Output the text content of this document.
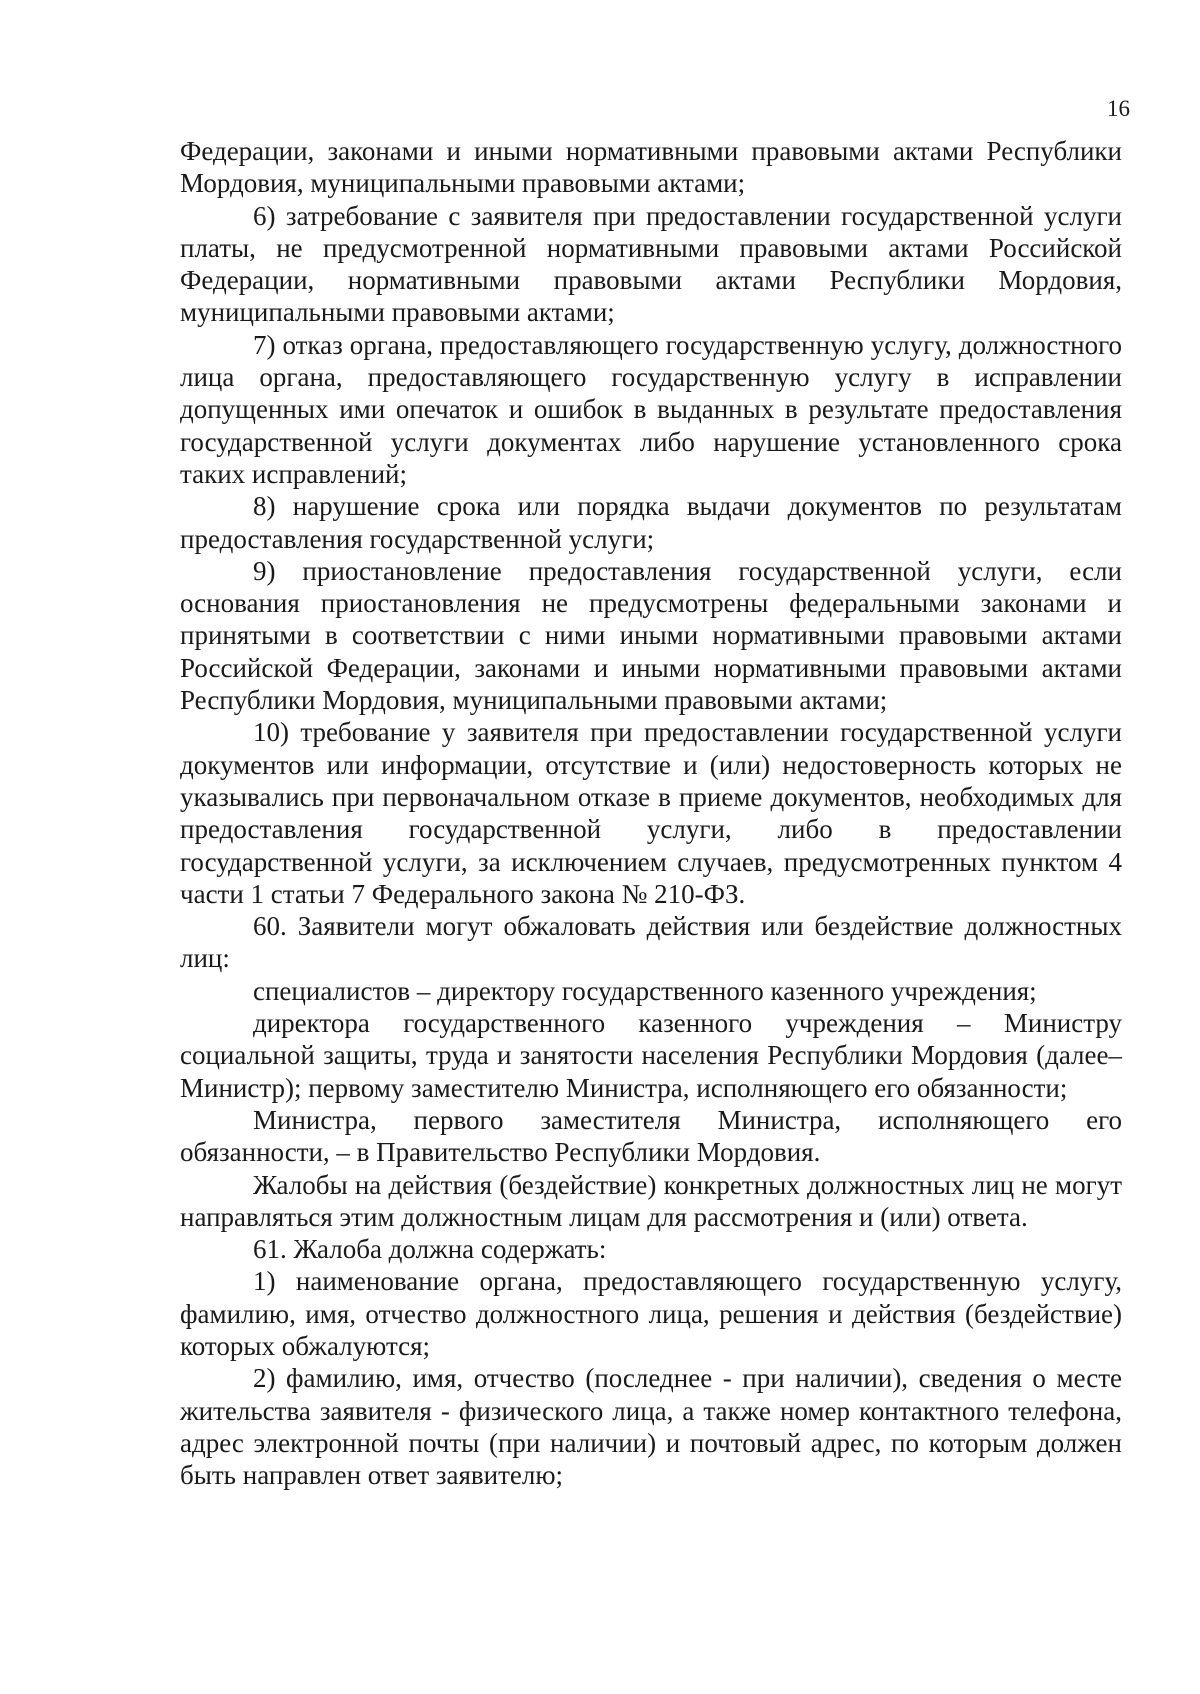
16

Федерации, законами и иными нормативными правовыми актами Республики Мордовия, муниципальными правовыми актами;

6) затребование с заявителя при предоставлении государственной услуги платы, не предусмотренной нормативными правовыми актами Российской Федерации, нормативными правовыми актами Республики Мордовия, муниципальными правовыми актами;

7) отказ органа, предоставляющего государственную услугу, должностного лица органа, предоставляющего государственную услугу в исправлении допущенных ими опечаток и ошибок в выданных в результате предоставления государственной услуги документах либо нарушение установленного срока таких исправлений;

8) нарушение срока или порядка выдачи документов по результатам предоставления государственной услуги;

9) приостановление предоставления государственной услуги, если основания приостановления не предусмотрены федеральными законами и принятыми в соответствии с ними иными нормативными правовыми актами Российской Федерации, законами и иными нормативными правовыми актами Республики Мордовия, муниципальными правовыми актами;

10) требование у заявителя при предоставлении государственной услуги документов или информации, отсутствие и (или) недостоверность которых не указывались при первоначальном отказе в приеме документов, необходимых для предоставления государственной услуги, либо в предоставлении государственной услуги, за исключением случаев, предусмотренных пунктом 4 части 1 статьи 7 Федерального закона № 210-ФЗ.

60. Заявители могут обжаловать действия или бездействие должностных лиц:

специалистов – директору государственного казенного учреждения;

директора государственного казенного учреждения – Министру социальной защиты, труда и занятости населения Республики Мордовия (далее–Министр); первому заместителю Министра, исполняющего его обязанности;

Министра, первого заместителя Министра, исполняющего его обязанности, – в Правительство Республики Мордовия.

Жалобы на действия (бездействие) конкретных должностных лиц не могут направляться этим должностным лицам для рассмотрения и (или) ответа.

61. Жалоба должна содержать:

1) наименование органа, предоставляющего государственную услугу, фамилию, имя, отчество должностного лица, решения и действия (бездействие) которых обжалуются;

2) фамилию, имя, отчество (последнее - при наличии), сведения о месте жительства заявителя - физического лица, а также номер контактного телефона, адрес электронной почты (при наличии) и почтовый адрес, по которым должен быть направлен ответ заявителю;
